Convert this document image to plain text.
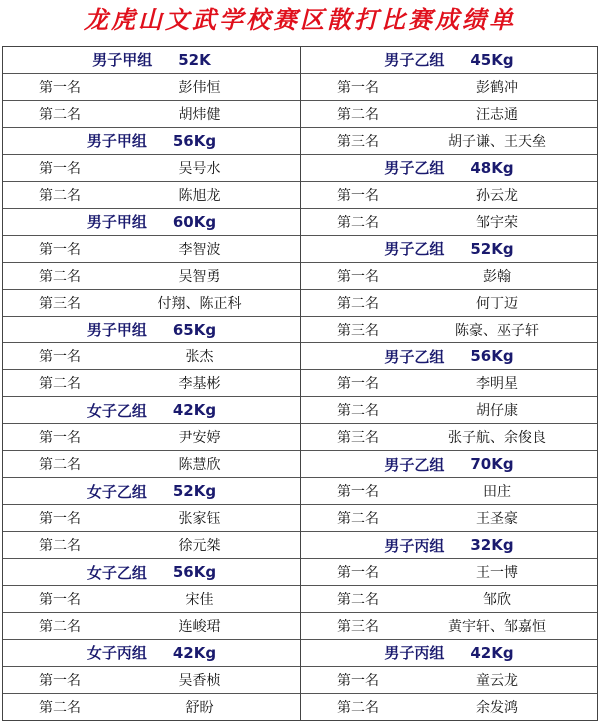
龙虎山文武学校赛区散打比赛成绩单
男子甲组 52K
第一名	彭伟恒
第二名	胡炜健
男子甲组 56Kg
第一名	吴号水
第二名	陈旭龙
男子甲组 60Kg
第一名	李智波
第二名	吴智勇
第三名	付翔、陈正科
男子甲组 65Kg
第一名	张杰
第二名	李基彬
女子乙组 42Kg
第一名	尹安婷
第二名	陈慧欣
女子乙组 52Kg
第一名	张家钰
第二名	徐元桀
女子乙组 56Kg
第一名	宋佳
第二名	连峻珺
女子丙组 42Kg
第一名	吴香桢
第二名	舒盼
男子乙组 45Kg
第一名	彭鹤冲
第二名	汪志通
第三名	胡子谦、王天垒
男子乙组 48Kg
第一名	孙云龙
第二名	邹宇荣
男子乙组 52Kg
第一名	彭翰
第二名	何丁迈
第三名	陈豪、巫子轩
男子乙组 56Kg
第一名	李明星
第二名	胡仔康
第三名	张子航、余俊良
男子乙组 70Kg
第一名	田庄
第二名	王圣豪
男子丙组 32Kg
第一名	王一博
第二名	邹欣
第三名	黄宇轩、邹嘉恒
男子丙组 42Kg
第一名	童云龙
第二名	余发鸿
